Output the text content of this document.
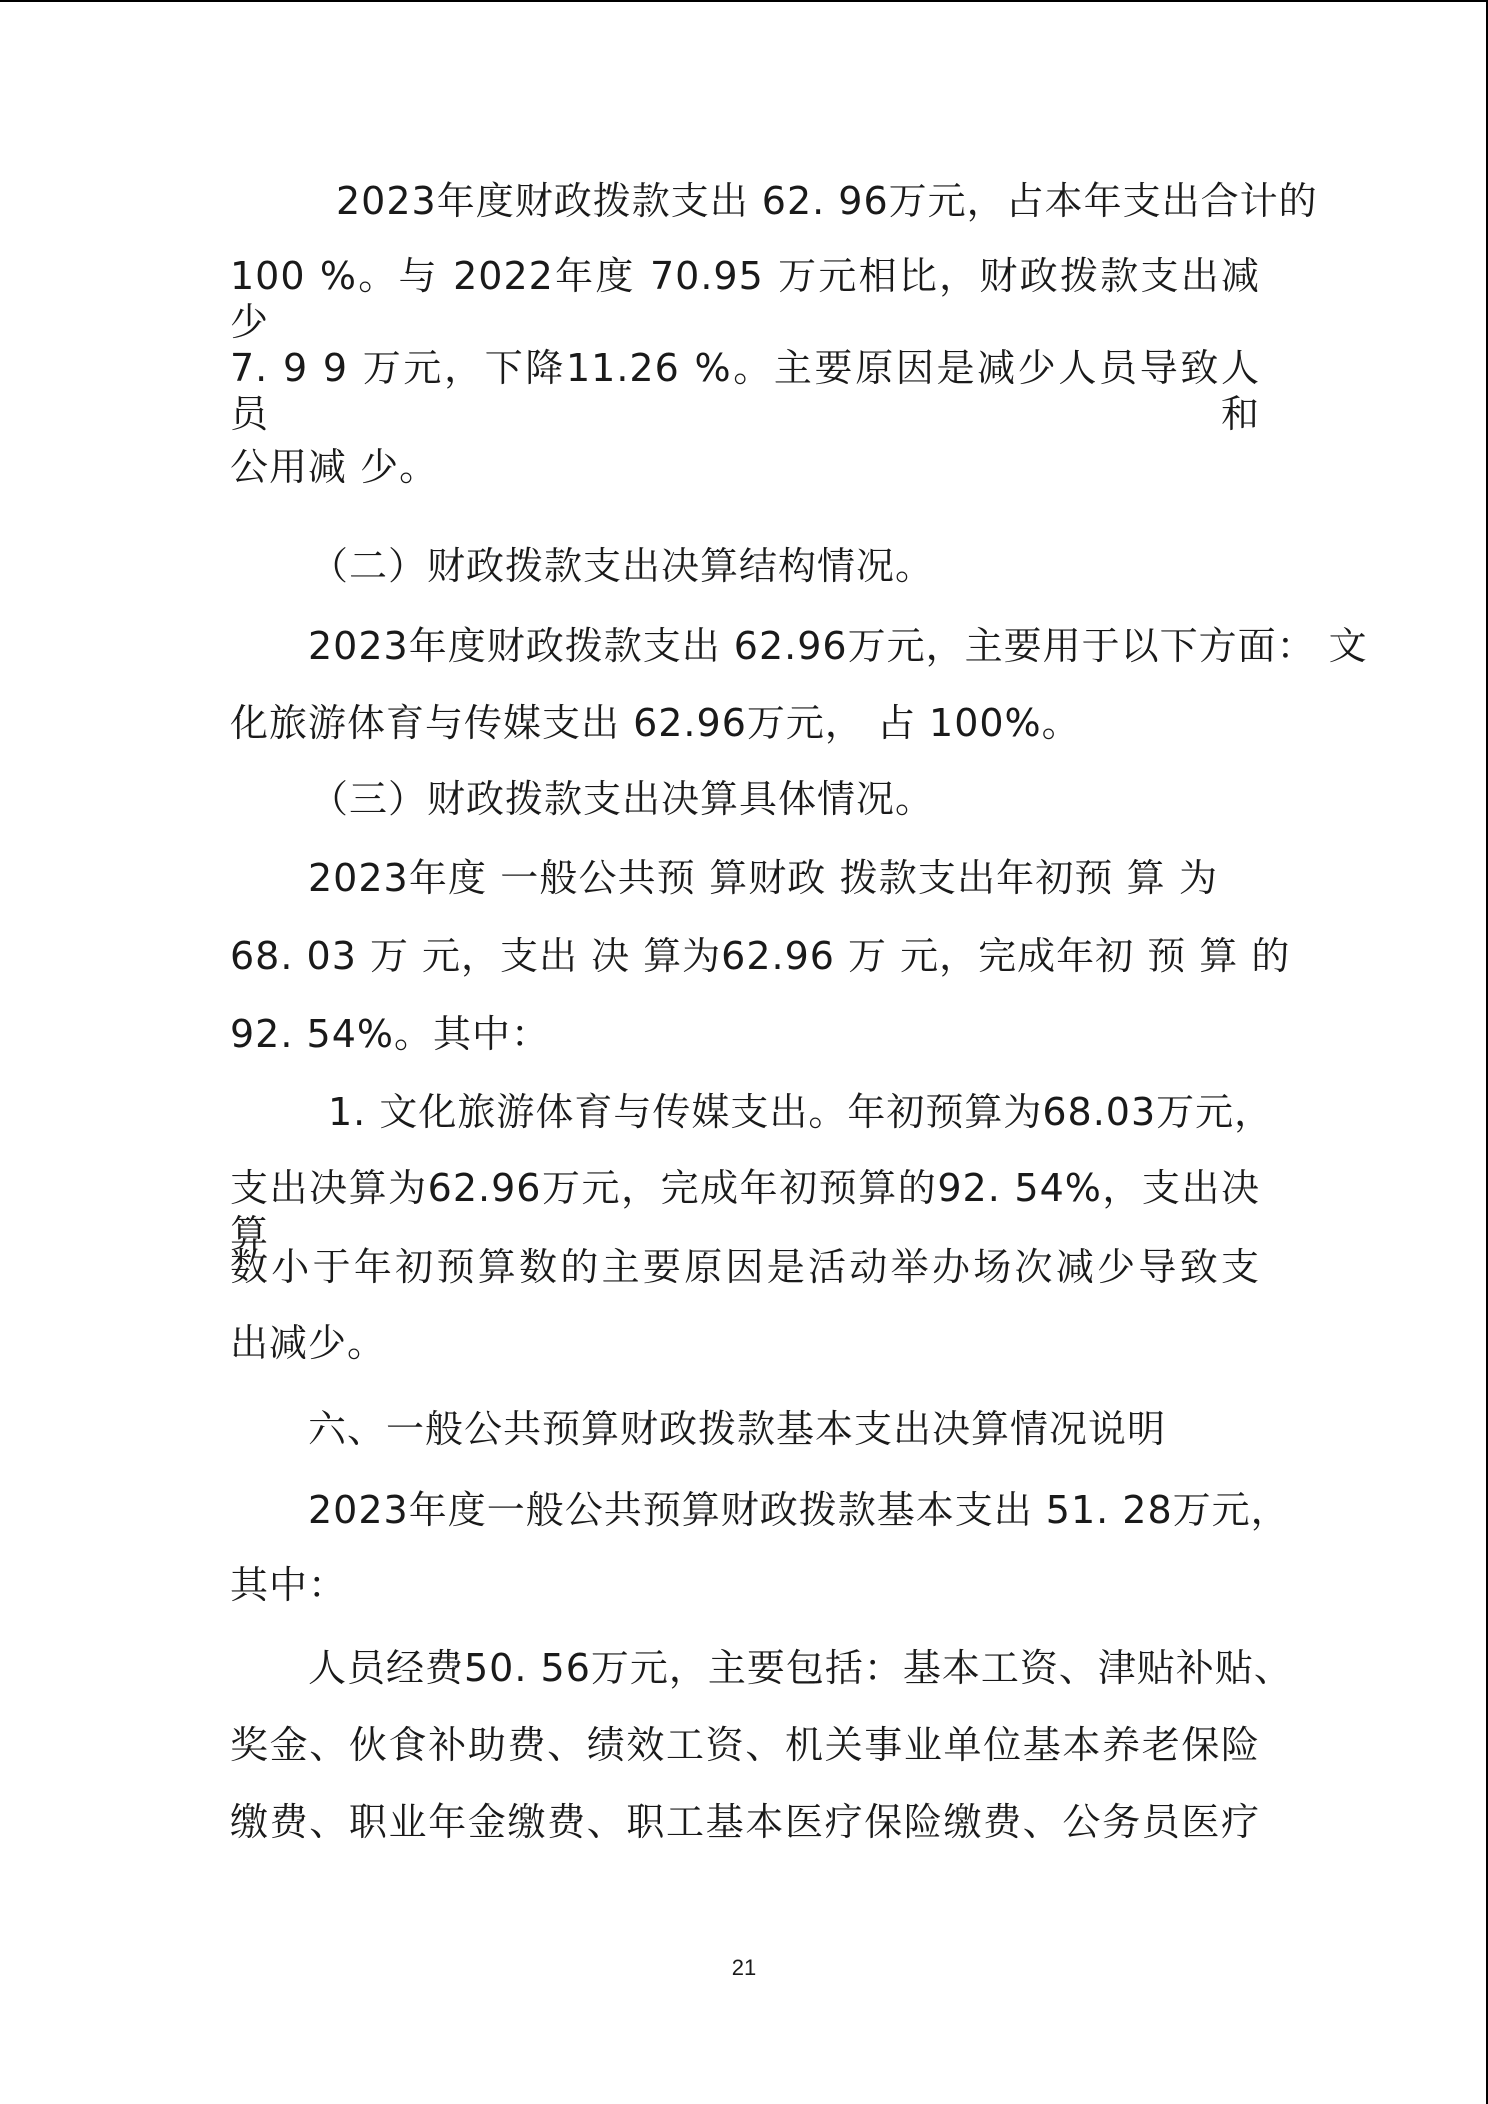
2023年度财政拨款支出 62. 96万元，占本年支出合计的
100 %。与 2022年度 70.95 万元相比，财政拨款支出减少
7. 9 9 万元，下降11.26 %。主要原因是减少人员导致人员和
公用减 少。
（二）财政拨款支出决算结构情况。
2023年度财政拨款支出 62.96万元，主要用于以下方面： 文
化旅游体育与传媒支出 62.96万元， 占 100%。
（三）财政拨款支出决算具体情况。
2023年度 一般公共预 算财政 拨款支出年初预 算 为
68. 03 万 元，支出 决 算为62.96 万 元，完成年初 预 算 的
92. 54%。其中：
1. 文化旅游体育与传媒支出。年初预算为68.03万元，
支出决算为62.96万元，完成年初预算的92. 54%，支出决算
数小于年初预算数的主要原因是活动举办场次减少导致支
出减少。
六、一般公共预算财政拨款基本支出决算情况说明
2023年度一般公共预算财政拨款基本支出 51. 28万元，
其中：
人员经费50. 56万元，主要包括：基本工资、津贴补贴、
奖金、伙食补助费、绩效工资、机关事业单位基本养老保险
缴费、职业年金缴费、职工基本医疗保险缴费、公务员医疗
21
